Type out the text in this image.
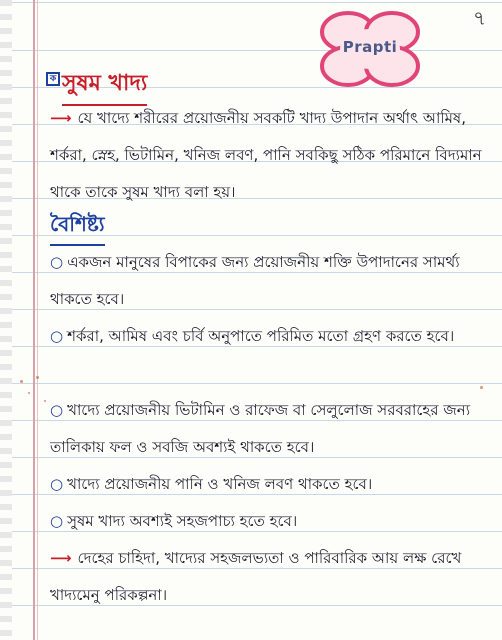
৭
Prapti
ক সুষম খাদ্য
⟶ যে খাদ্যে শরীরের প্রয়োজনীয় সবকটি খাদ্য উপাদান অর্থাৎ আমিষ, শর্করা, স্নেহ, ভিটামিন, খনিজ লবণ, পানি সবকিছু সঠিক পরিমানে বিদ্যমান থাকে তাকে সুষম খাদ্য বলা হয়।
বৈশিষ্ট্য
○ একজন মানুষের বিপাকের জন্য প্রয়োজনীয় শক্তি উপাদানের সামর্থ্য থাকতে হবে।
○ শর্করা, আমিষ এবং চর্বি অনুপাতে পরিমিত মতো গ্রহণ করতে হবে।
○ খাদ্যে প্রয়োজনীয় ভিটামিন ও রাফেজ বা সেলুলোজ সরবরাহের জন্য তালিকায় ফল ও সবজি অবশ্যই থাকতে হবে।
○ খাদ্যে প্রয়োজনীয় পানি ও খনিজ লবণ থাকতে হবে।
○ সুষম খাদ্য অবশ্যই সহজপাচ্য হতে হবে।
⟶ দেহের চাহিদা, খাদ্যের সহজলভ্যতা ও পারিবারিক আয় লক্ষ রেখে খাদ্যমেনু পরিকল্পনা।
